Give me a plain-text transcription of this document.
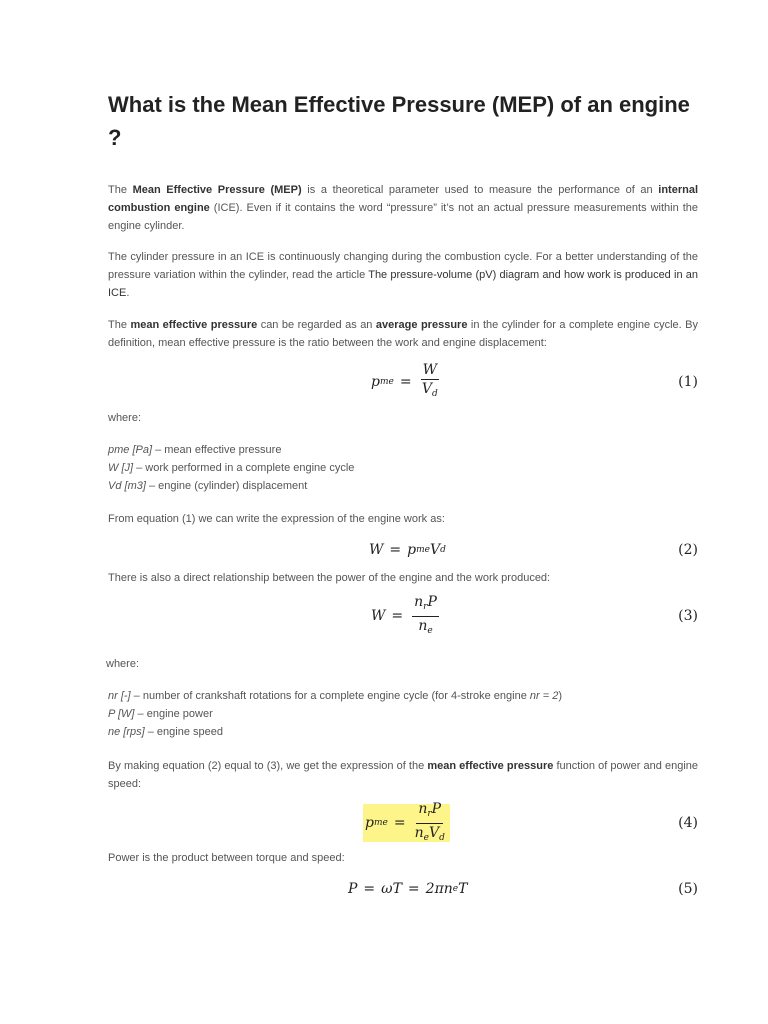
What is the Mean Effective Pressure (MEP) of an engine ?

The Mean Effective Pressure (MEP) is a theoretical parameter used to measure the performance of an internal combustion engine (ICE). Even if it contains the word “pressure” it’s not an actual pressure measurements within the engine cylinder.

The cylinder pressure in an ICE is continuously changing during the combustion cycle. For a better understanding of the pressure variation within the cylinder, read the article The pressure-volume (pV) diagram and how work is produced in an ICE.

The mean effective pressure can be regarded as an average pressure in the cylinder for a complete engine cycle. By definition, mean effective pressure is the ratio between the work and engine displacement:

p me = $\frac{W}{V_d}$	(1)

where:

pme [Pa] – mean effective pressure
W [J] – work performed in a complete engine cycle
Vd [m3] – engine (cylinder) displacement

From equation (1) we can write the expression of the engine work as:

W = p me V d	(2)

There is also a direct relationship between the power of the engine and the work produced:

$W = \frac{n_rP}{n_e}$	(3)

where:

nr [-] – number of crankshaft rotations for a complete engine cycle (for 4-stroke engine nr = 2)
P [W] – engine power
ne [rps] – engine speed

By making equation (2) equal to (3), we get the expression of the mean effective pressure function of power and engine speed:

p me = $\frac{n_rP}{n_eV_d}$	(4)

Power is the product between torque and speed:

P = ωT = 2πn e T	(5)
